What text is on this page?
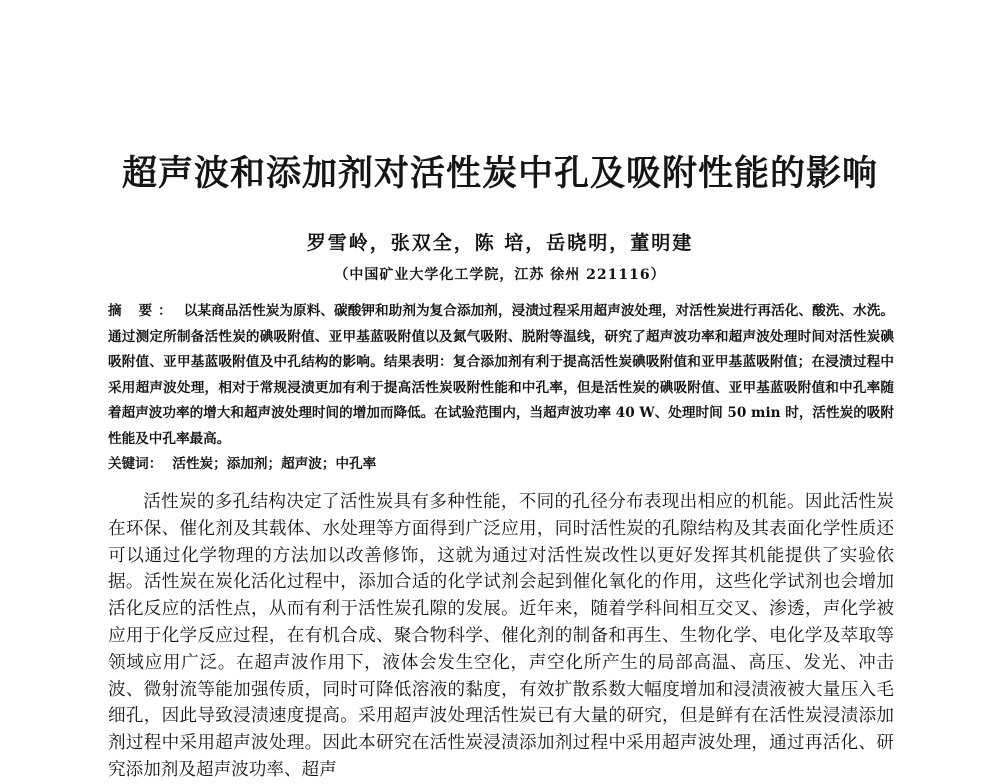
超声波和添加剂对活性炭中孔及吸附性能的影响
罗雪岭，张双全，陈 培，岳晓明，董明建
（中国矿业大学化工学院，江苏 徐州 221116）
摘 要： 以某商品活性炭为原料、碳酸钾和助剂为复合添加剂，浸渍过程采用超声波处理，对活性炭进行再活化、酸洗、水洗。通过测定所制备活性炭的碘吸附值、亚甲基蓝吸附值以及氮气吸附、脱附等温线，研究了超声波功率和超声波处理时间对活性炭碘吸附值、亚甲基蓝吸附值及中孔结构的影响。结果表明：复合添加剂有利于提高活性炭碘吸附值和亚甲基蓝吸附值；在浸渍过程中采用超声波处理，相对于常规浸渍更加有利于提高活性炭吸附性能和中孔率，但是活性炭的碘吸附值、亚甲基蓝吸附值和中孔率随着超声波功率的增大和超声波处理时间的增加而降低。在试验范围内，当超声波功率 40 W、处理时间 50 min 时，活性炭的吸附性能及中孔率最高。
关键词： 活性炭；添加剂；超声波；中孔率
活性炭的多孔结构决定了活性炭具有多种性能，不同的孔径分布表现出相应的机能。因此活性炭在环保、催化剂及其载体、水处理等方面得到广泛应用，同时活性炭的孔隙结构及其表面化学性质还可以通过化学物理的方法加以改善修饰，这就为通过对活性炭改性以更好发挥其机能提供了实验依据。活性炭在炭化活化过程中，添加合适的化学试剂会起到催化氧化的作用，这些化学试剂也会增加活化反应的活性点，从而有利于活性炭孔隙的发展。近年来，随着学科间相互交叉、渗透，声化学被应用于化学反应过程，在有机合成、聚合物科学、催化剂的制备和再生、生物化学、电化学及萃取等领域应用广泛。在超声波作用下，液体会发生空化，声空化所产生的局部高温、高压、发光、冲击波、微射流等能加强传质，同时可降低溶液的黏度，有效扩散系数大幅度增加和浸渍液被大量压入毛细孔，因此导致浸渍速度提高。采用超声波处理活性炭已有大量的研究，但是鲜有在活性炭浸渍添加剂过程中采用超声波处理。因此本研究在活性炭浸渍添加剂过程中采用超声波处理，通过再活化、研究添加剂及超声波功率、超声
